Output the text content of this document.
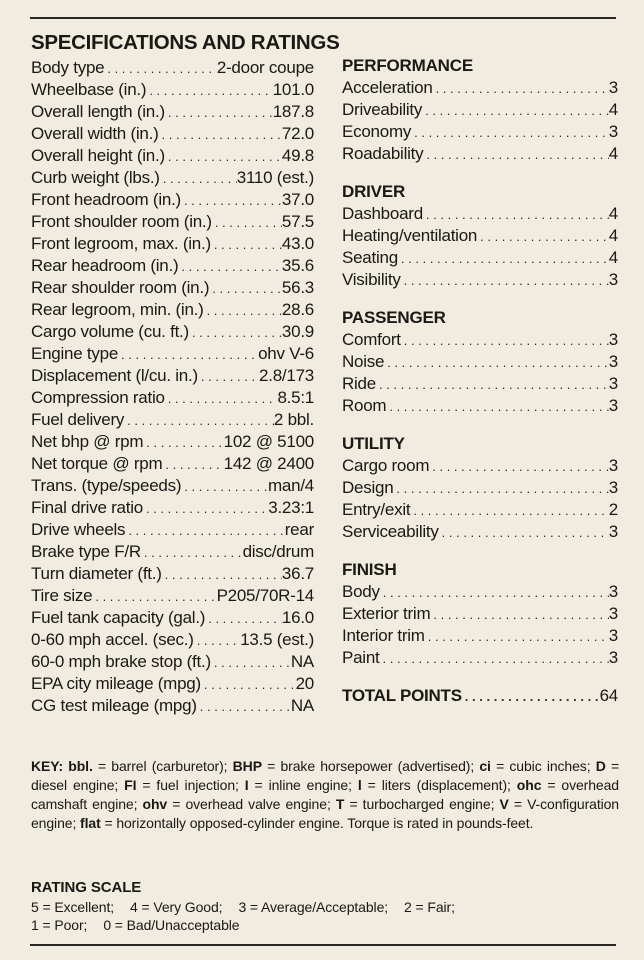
SPECIFICATIONS AND RATINGS
Body type . . .	2-door coupe
Wheelbase (in.) . . .	101.0
Overall length (in.) . . .	187.8
Overall width (in.) . . .	72.0
Overall height (in.) . . .	49.8
Curb weight (lbs.) . . .	3110 (est.)
Front headroom (in.) . . .	37.0
Front shoulder room (in.) . . .	57.5
Front legroom, max. (in.) . . .	43.0
Rear headroom (in.) . . .	35.6
Rear shoulder room (in.) . . .	56.3
Rear legroom, min. (in.) . . .	28.6
Cargo volume (cu. ft.) . . .	30.9
Engine type . . .	ohv V-6
Displacement (l/cu. in.) . . .	2.8/173
Compression ratio . . .	8.5:1
Fuel delivery . . .	2 bbl.
Net bhp @ rpm . . .	102 @ 5100
Net torque @ rpm . . .	142 @ 2400
Trans. (type/speeds) . . .	man/4
Final drive ratio . . .	3.23:1
Drive wheels . . .	rear
Brake type F/R . . .	disc/drum
Turn diameter (ft.) . . .	36.7
Tire size . . .	P205/70R-14
Fuel tank capacity (gal.) . . .	16.0
0-60 mph accel. (sec.) . . .	13.5 (est.)
60-0 mph brake stop (ft.) . . .	NA
EPA city mileage (mpg) . . .	20
CG test mileage (mpg) . . .	NA
PERFORMANCE
Acceleration . . .	3
Driveability . . .	4
Economy . . .	3
Roadability . . .	4
DRIVER
Dashboard . . .	4
Heating/ventilation . . .	4
Seating . . .	4
Visibility . . .	3
PASSENGER
Comfort . . .	3
Noise . . .	3
Ride . . .	3
Room . . .	3
UTILITY
Cargo room . . .	3
Design . . .	3
Entry/exit . . .	2
Serviceability . . .	3
FINISH
Body . . .	3
Exterior trim . . .	3
Interior trim . . .	3
Paint . . .	3
TOTAL POINTS . . .	64
KEY: bbl. = barrel (carburetor); BHP = brake horsepower (advertised); ci = cubic inches; D = diesel engine; FI = fuel injection; I = inline engine; l = liters (displacement); ohc = overhead camshaft engine; ohv = overhead valve engine; T = turbocharged engine; V = V-configuration engine; flat = horizontally opposed-cylinder engine. Torque is rated in pounds-feet.
RATING SCALE
5 = Excellent; 4 = Very Good; 3 = Average/Acceptable; 2 = Fair;
1 = Poor; 0 = Bad/Unacceptable
